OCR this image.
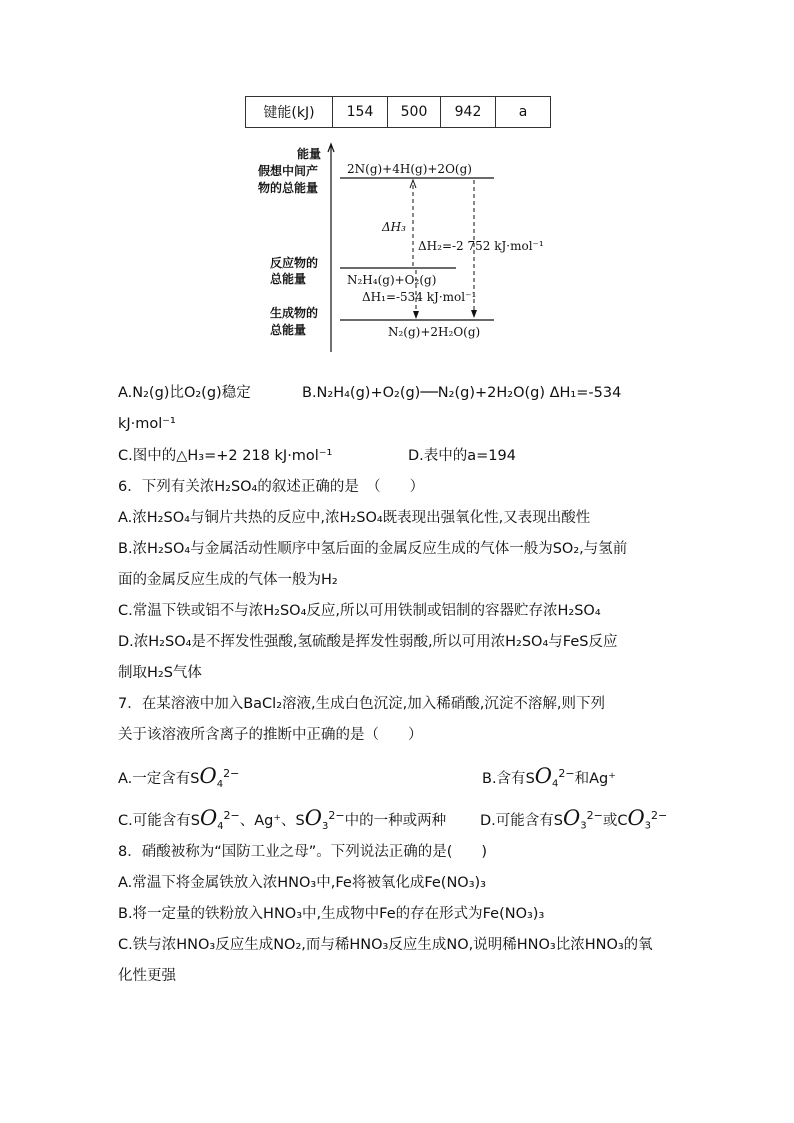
键能(kJ)	154	500	942	a
能量
假想中间产
物的总能量
反应物的
总能量
生成物的
总能量
2N(g)+4H(g)+2O(g)
N₂H₄(g)+O₂(g)
N₂(g)+2H₂O(g)
ΔH₃
ΔH₂=-2 752 kJ·mol⁻¹
ΔH₁=-534 kJ·mol⁻¹
A.N₂(g)比O₂(g)稳定	B.N₂H₄(g)+O₂(g)──N₂(g)+2H₂O(g) ΔH₁=-534
kJ·mol⁻¹
C.图中的△H₃=+2 218 kJ·mol⁻¹	D.表中的a=194
6．下列有关浓H₂SO₄的叙述正确的是　（　　）
A.浓H₂SO₄与铜片共热的反应中,浓H₂SO₄既表现出强氧化性,又表现出酸性
B.浓H₂SO₄与金属活动性顺序中氢后面的金属反应生成的气体一般为SO₂,与氢前
面的金属反应生成的气体一般为H₂
C.常温下铁或铝不与浓H₂SO₄反应,所以可用铁制或铝制的容器贮存浓H₂SO₄
D.浓H₂SO₄是不挥发性强酸,氢硫酸是挥发性弱酸,所以可用浓H₂SO₄与FeS反应
制取H₂S气体
7．在某溶液中加入BaCl₂溶液,生成白色沉淀,加入稀硝酸,沉淀不溶解,则下列
关于该溶液所含离子的推断中正确的是（　　）
A.一定含有$SO_4^{2-}$	B.含有$SO_4^{2-}$和Ag⁺
C.可能含有$SO_4^{2-}$、Ag⁺、$SO_3^{2-}$中的一种或两种 D.可能含有$SO_3^{2-}$或$CO_3^{2-}$
8．硝酸被称为“国防工业之母”。下列说法正确的是(　　)
A.常温下将金属铁放入浓HNO₃中,Fe将被氧化成Fe(NO₃)₃
B.将一定量的铁粉放入HNO₃中,生成物中Fe的存在形式为Fe(NO₃)₃
C.铁与浓HNO₃反应生成NO₂,而与稀HNO₃反应生成NO,说明稀HNO₃比浓HNO₃的氧
化性更强
